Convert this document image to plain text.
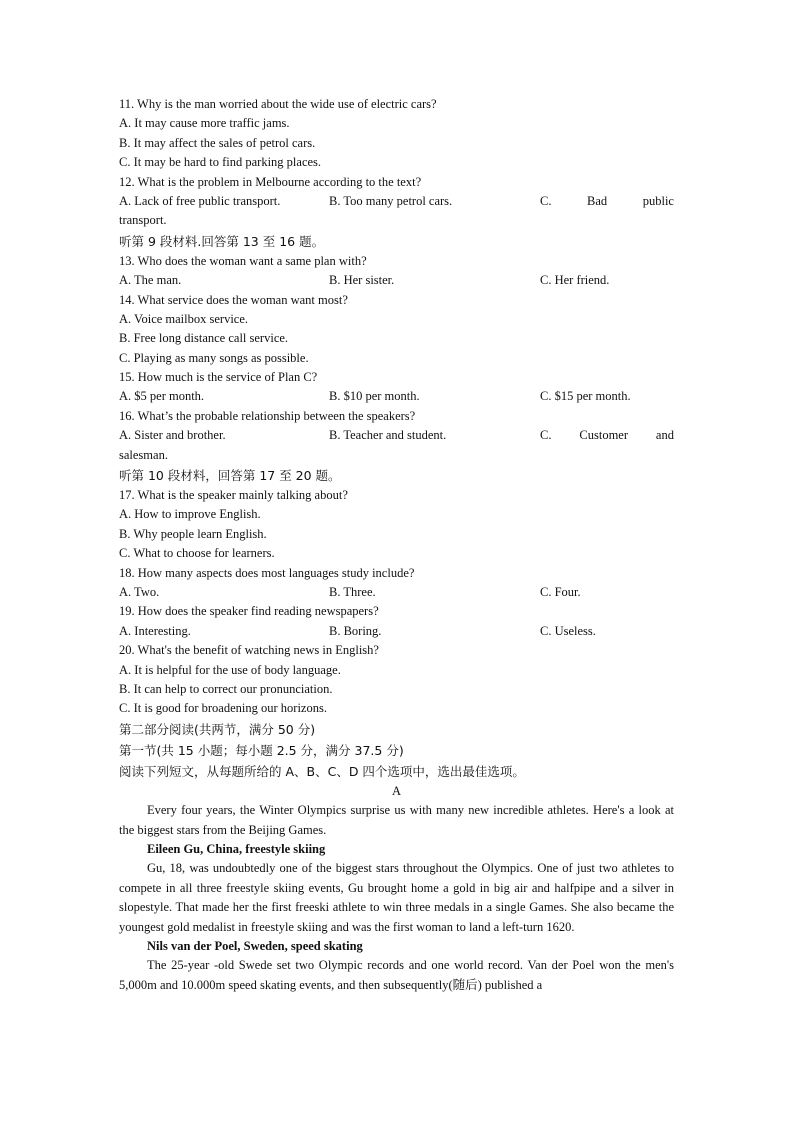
11. Why is the man worried about the wide use of electric cars?
A. It may cause more traffic jams.
B. It may affect the sales of petrol cars.
C. It may be hard to find parking places.
12. What is the problem in Melbourne according to the text?
A. Lack of free public transport.	B. Too many petrol cars.	C.	Bad	public
transport.
听第 9 段材料.回答第 13 至 16 题。
13. Who does the woman want a same plan with?
A. The man.	B. Her sister.	C. Her friend.
14. What service does the woman want most?
A. Voice mailbox service.
B. Free long distance call service.
C. Playing as many songs as possible.
15. How much is the service of Plan C?
A. $5 per month.	B. $10 per month.	C. $15 per month.
16. What’s the probable relationship between the speakers?
A. Sister and brother.	B. Teacher and student.	C. Customer and
salesman.
听第 10 段材料，回答第 17 至 20 题。
17. What is the speaker mainly talking about?
A. How to improve English.
B. Why people learn English.
C. What to choose for learners.
18. How many aspects does most languages study include?
A. Two.	B. Three.	C. Four.
19. How does the speaker find reading newspapers?
A. Interesting.	B. Boring.	C. Useless.
20. What's the benefit of watching news in English?
A. It is helpful for the use of body language.
B. It can help to correct our pronunciation.
C. It is good for broadening our horizons.
第二部分阅读(共两节，满分 50 分)
第一节(共 15 小题；每小题 2.5 分，满分 37.5 分)
阅读下列短文，从每题所给的 A、B、C、D 四个选项中，选出最佳选项。
A
Every four years, the Winter Olympics surprise us with many new incredible athletes. Here's a look at the biggest stars from the Beijing Games.
Eileen Gu, China, freestyle skiing
Gu, 18, was undoubtedly one of the biggest stars throughout the Olympics. One of just two athletes to compete in all three freestyle skiing events, Gu brought home a gold in big air and halfpipe and a silver in slopestyle. That made her the first freeski athlete to win three medals in a single Games. She also became the youngest gold medalist in freestyle skiing and was the first woman to land a left-turn 1620.
Nils van der Poel, Sweden, speed skating
The 25-year -old Swede set two Olympic records and one world record. Van der Poel won the men's 5,000m and 10.000m speed skating events, and then subsequently(随后) published a
